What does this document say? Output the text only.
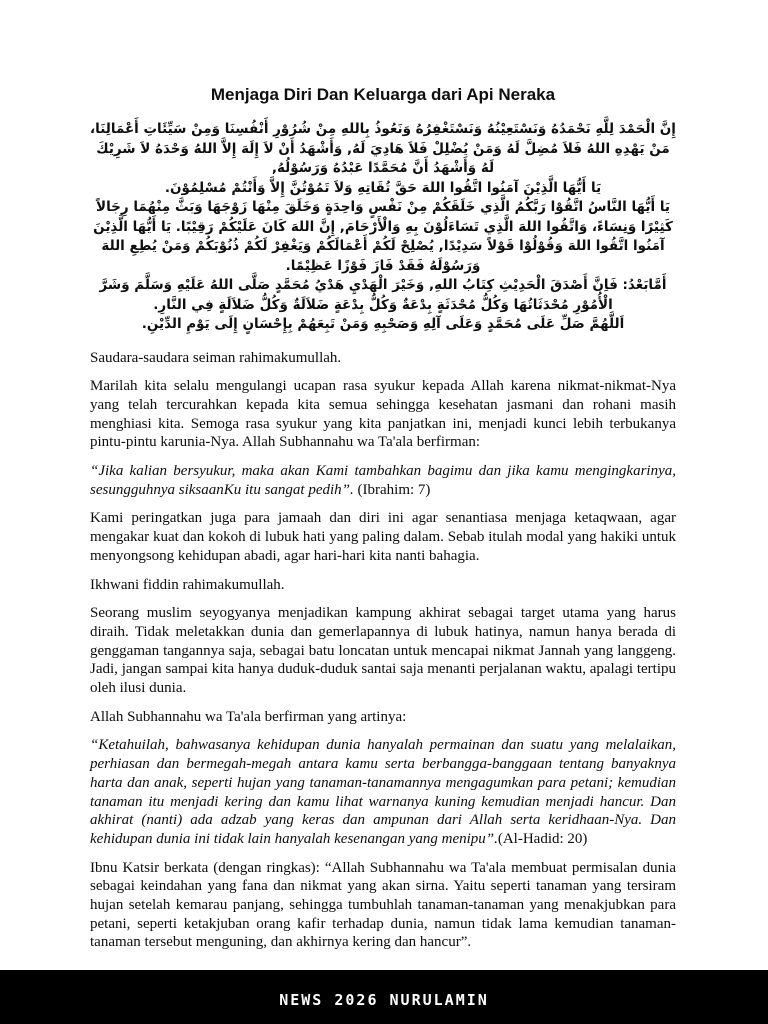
Menjaga Diri Dan Keluarga dari Api Neraka

إِنَّ الْحَمْدَ لِلَّهِ نَحْمَدُهُ وَنَسْتَعِيْنُهُ وَنَسْتَغْفِرُهُ وَنَعُوذُ بِاللهِ مِنْ شُرُوْرِ أَنْفُسِنَا وَمِنْ سَيِّئَاتِ أَعْمَالِنَا، مَنْ يَهْدِهِ اللهُ فَلاَ مُضِلَّ لَهُ وَمَنْ يُضْلِلْ فَلاَ هَادِيَ لَهُ, وَأَشْهَدُ أَنْ لاَ إِلَهَ إِلاَّ اللهُ وَحْدَهُ لاَ شَرِيْكَ لَهُ وَأَشْهَدُ أَنَّ مُحَمَّدًا عَبْدُهُ وَرَسُوْلُهُ,

يَا أَيُّهَا الَّذِيْنَ آمَنُوا اتَّقُوا اللهَ حَقَّ تُقَاتِهِ وَلاَ تَمُوْتُنَّ إِلاَّ وَأَنْتُمْ مُسْلِمُوْنَ.

يَا أَيُّهَا النَّاسُ اتَّقُوْا رَبَّكُمُ الَّذِي خَلَقَكُمْ مِنْ نَفْسٍ وَاحِدَةٍ وَخَلَقَ مِنْهَا زَوْجَهَا وَبَثَّ مِنْهُمَا رِجَالاً كَثِيْرًا وَنِسَاءً، وَاتَّقُوا اللهَ الَّذِي تَسَاءَلُوْنَ بِهِ وَالْأَرْحَامَ, إِنَّ اللهَ كَانَ عَلَيْكُمْ رَقِيْبًا. يَا أَيُّهَا الَّذِيْنَ آمَنُوا اتَّقُوا اللهَ وَقُوْلُوْا قَوْلاً سَدِيْدًا, يُصْلِحْ لَكُمْ أَعْمَالَكُمْ وَيَغْفِرْ لَكُمْ ذُنُوْبَكُمْ وَمَنْ يُطِعِ اللهَ وَرَسُوْلَهُ فَقَدْ فَازَ فَوْزًا عَظِيْمًا.

أَمَّابَعْدُ: فَاِنَّ أَصْدَقَ الْحَدِيْثِ كِتَابُ اللهِ, وَخَيْرَ الْهَدْيِ هَدْيُ مُحَمَّدٍ صَلَّى اللهُ عَلَيْهِ وَسَلَّمَ وَشَرَّ الْأُمُوْرِ مُحْدَثَاتُهَا وَكُلُّ مُحْدَثَةٍ بِدْعَةٌ وَكُلُّ بِدْعَةٍ ضَلاَلَةٌ وَكُلُّ ضَلاَلَةٍ فِي النَّارِ.

اَللَّهُمَّ صَلِّ عَلَى مُحَمَّدٍ وَعَلَى آلِهِ وَصَحْبِهِ وَمَنْ تَبِعَهُمْ بِإِحْسَانٍ إِلَى يَوْمِ الدِّيْنِ.

Saudara-saudara seiman rahimakumullah.

Marilah kita selalu mengulangi ucapan rasa syukur kepada Allah karena nikmat-nikmat-Nya yang telah tercurahkan kepada kita semua sehingga kesehatan jasmani dan rohani masih menghiasi kita. Semoga rasa syukur yang kita panjatkan ini, menjadi kunci lebih terbukanya pintu-pintu karunia-Nya. Allah Subhannahu wa Ta'ala berfirman:

“Jika kalian bersyukur, maka akan Kami tambahkan bagimu dan jika kamu mengingkarinya, sesungguhnya siksaanKu itu sangat pedih”. (Ibrahim: 7)

Kami peringatkan juga para jamaah dan diri ini agar senantiasa menjaga ketaqwaan, agar mengakar kuat dan kokoh di lubuk hati yang paling dalam. Sebab itulah modal yang hakiki untuk menyongsong kehidupan abadi, agar hari-hari kita nanti bahagia.

Ikhwani fiddin rahimakumullah.

Seorang muslim seyogyanya menjadikan kampung akhirat sebagai target utama yang harus diraih. Tidak meletakkan dunia dan gemerlapannya di lubuk hatinya, namun hanya berada di genggaman tangannya saja, sebagai batu loncatan untuk mencapai nikmat Jannah yang langgeng. Jadi, jangan sampai kita hanya duduk-duduk santai saja menanti perjalanan waktu, apalagi tertipu oleh ilusi dunia.

Allah Subhannahu wa Ta'ala berfirman yang artinya:

“Ketahuilah, bahwasanya kehidupan dunia hanyalah permainan dan suatu yang melalaikan, perhiasan dan bermegah-megah antara kamu serta berbangga-banggaan tentang banyaknya harta dan anak, seperti hujan yang tanaman-tanamannya mengagumkan para petani; kemudian tanaman itu menjadi kering dan kamu lihat warnanya kuning kemudian menjadi hancur. Dan akhirat (nanti) ada adzab yang keras dan ampunan dari Allah serta keridhaan-Nya. Dan kehidupan dunia ini tidak lain hanyalah kesenangan yang menipu”.(Al-Hadid: 20)

Ibnu Katsir berkata (dengan ringkas): “Allah Subhannahu wa Ta'ala membuat permisalan dunia sebagai keindahan yang fana dan nikmat yang akan sirna. Yaitu seperti tanaman yang tersiram hujan setelah kemarau panjang, sehingga tumbuhlah tanaman-tanaman yang menakjubkan para petani, seperti ketakjuban orang kafir terhadap dunia, namun tidak lama kemudian tanaman-tanaman tersebut menguning, dan akhirnya kering dan hancur”.

NEWS 2026 NURULAMIN
